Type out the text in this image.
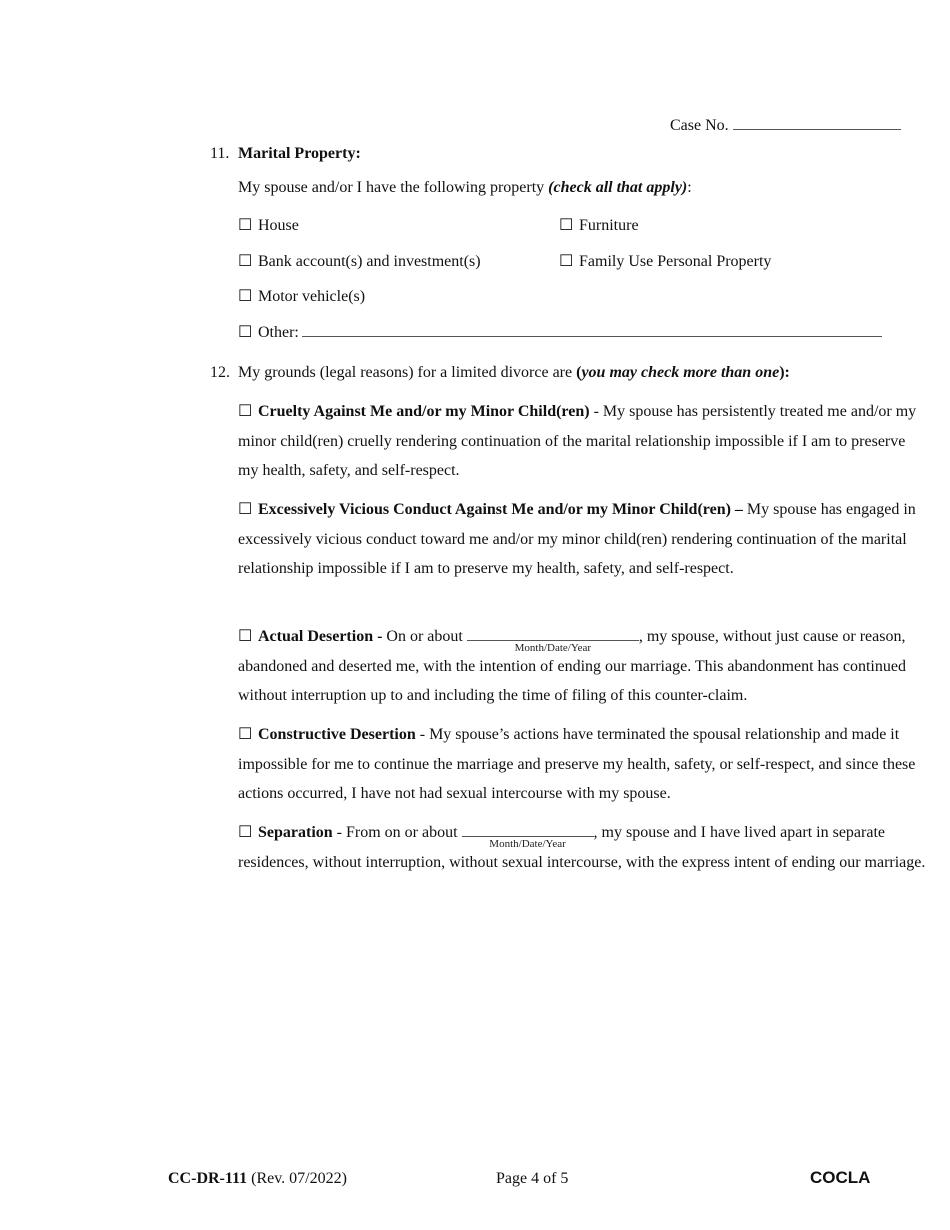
Case No.
11. Marital Property:
My spouse and/or I have the following property (check all that apply):
☐ House	☐ Furniture
☐ Bank account(s) and investment(s)	☐ Family Use Personal Property
☐ Motor vehicle(s)
☐ Other:
12. My grounds (legal reasons) for a limited divorce are (you may check more than one):
☐ Cruelty Against Me and/or my Minor Child(ren) - My spouse has persistently treated me and/or my minor child(ren) cruelly rendering continuation of the marital relationship impossible if I am to preserve my health, safety, and self-respect.
☐ Excessively Vicious Conduct Against Me and/or my Minor Child(ren) – My spouse has engaged in excessively vicious conduct toward me and/or my minor child(ren) rendering continuation of the marital relationship impossible if I am to preserve my health, safety, and self-respect.
☐ Actual Desertion - On or about
Month/Date/Year
, my spouse, without just cause or reason, abandoned and deserted me, with the intention of ending our marriage. This abandonment has continued without interruption up to and including the time of filing of this counter-claim.
☐ Constructive Desertion - My spouse’s actions have terminated the spousal relationship and made it impossible for me to continue the marriage and preserve my health, safety, or self-respect, and since these actions occurred, I have not had sexual intercourse with my spouse.
☐ Separation - From on or about
Month/Date/Year
, my spouse and I have lived apart in separate residences, without interruption, without sexual intercourse, with the express intent of ending our marriage.
CC-DR-111 (Rev. 07/2022)	Page 4 of 5	COCLA
